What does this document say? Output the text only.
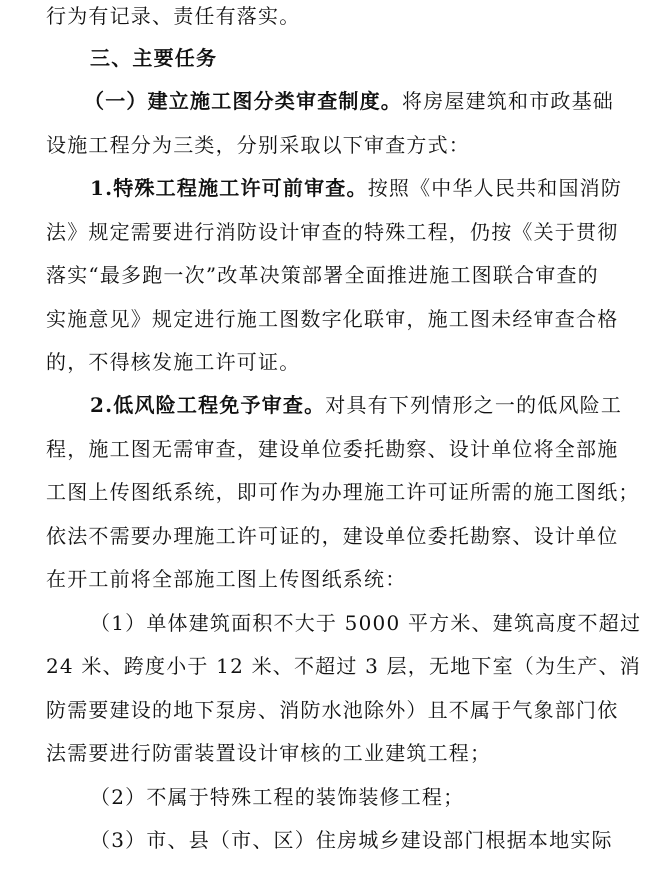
行为有记录、责任有落实。
三、主要任务
（一）建立施工图分类审查制度。将房屋建筑和市政基础
设施工程分为三类，分别采取以下审查方式：
1.特殊工程施工许可前审查。按照《中华人民共和国消防
法》规定需要进行消防设计审查的特殊工程，仍按《关于贯彻
落实“最多跑一次”改革决策部署全面推进施工图联合审查的
实施意见》规定进行施工图数字化联审，施工图未经审查合格
的，不得核发施工许可证。
2.低风险工程免予审查。对具有下列情形之一的低风险工
程，施工图无需审查，建设单位委托勘察、设计单位将全部施
工图上传图纸系统，即可作为办理施工许可证所需的施工图纸；
依法不需要办理施工许可证的，建设单位委托勘察、设计单位
在开工前将全部施工图上传图纸系统：
（1）单体建筑面积不大于 5000 平方米、建筑高度不超过
24 米、跨度小于 12 米、不超过 3 层，无地下室（为生产、消
防需要建设的地下泵房、消防水池除外）且不属于气象部门依
法需要进行防雷装置设计审核的工业建筑工程；
（2）不属于特殊工程的装饰装修工程；
（3）市、县（市、区）住房城乡建设部门根据本地实际
